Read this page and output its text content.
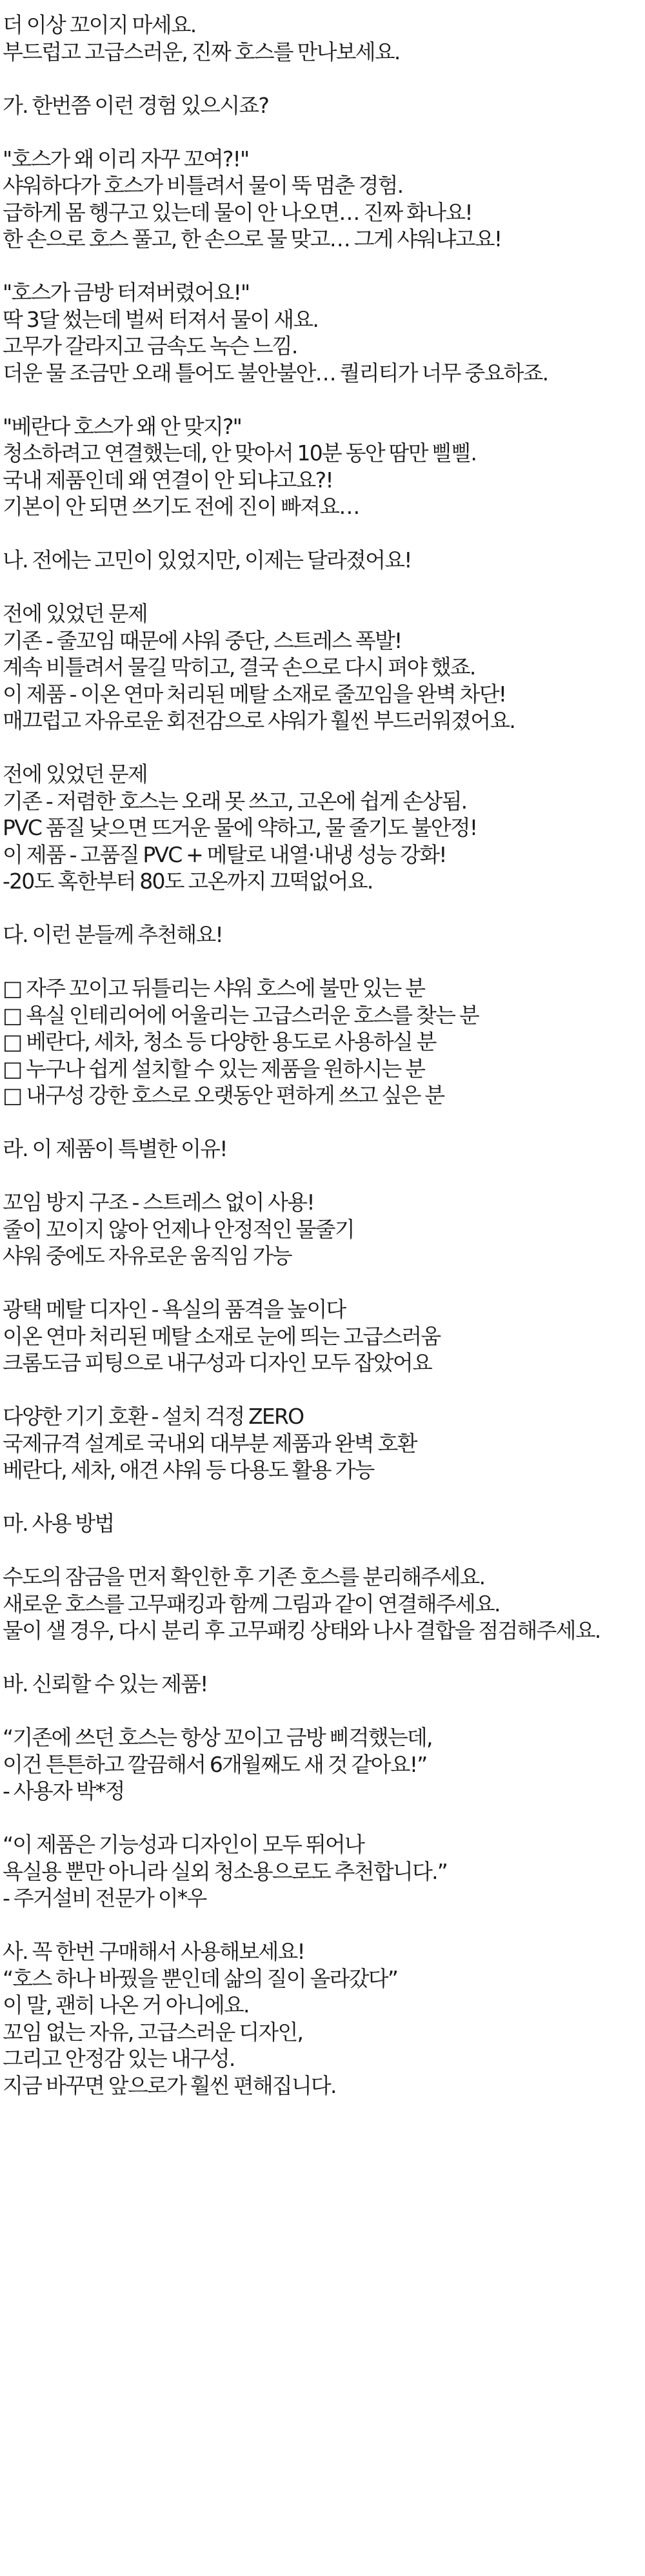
더 이상 꼬이지 마세요.
부드럽고 고급스러운, 진짜 호스를 만나보세요.
가. 한번쯤 이런 경험 있으시죠?
"호스가 왜 이리 자꾸 꼬여?!"
샤워하다가 호스가 비틀려서 물이 뚝 멈춘 경험.
급하게 몸 헹구고 있는데 물이 안 나오면… 진짜 화나요!
한 손으로 호스 풀고, 한 손으로 물 맞고… 그게 샤워냐고요!
"호스가 금방 터져버렸어요!"
딱 3달 썼는데 벌써 터져서 물이 새요.
고무가 갈라지고 금속도 녹슨 느낌.
더운 물 조금만 오래 틀어도 불안불안… 퀄리티가 너무 중요하죠.
"베란다 호스가 왜 안 맞지?"
청소하려고 연결했는데, 안 맞아서 10분 동안 땀만 삘삘.
국내 제품인데 왜 연결이 안 되냐고요?!
기본이 안 되면 쓰기도 전에 진이 빠져요…
나. 전에는 고민이 있었지만, 이제는 달라졌어요!
전에 있었던 문제
기존 - 줄꼬임 때문에 샤워 중단, 스트레스 폭발!
계속 비틀려서 물길 막히고, 결국 손으로 다시 펴야 했죠.
이 제품 - 이온 연마 처리된 메탈 소재로 줄꼬임을 완벽 차단!
매끄럽고 자유로운 회전감으로 샤워가 훨씬 부드러워졌어요.
전에 있었던 문제
기존 - 저렴한 호스는 오래 못 쓰고, 고온에 쉽게 손상됨.
PVC 품질 낮으면 뜨거운 물에 약하고, 물 줄기도 불안정!
이 제품 - 고품질 PVC + 메탈로 내열·내냉 성능 강화!
-20도 혹한부터 80도 고온까지 끄떡없어요.
다. 이런 분들께 추천해요!
□ 자주 꼬이고 뒤틀리는 샤워 호스에 불만 있는 분
□ 욕실 인테리어에 어울리는 고급스러운 호스를 찾는 분
□ 베란다, 세차, 청소 등 다양한 용도로 사용하실 분
□ 누구나 쉽게 설치할 수 있는 제품을 원하시는 분
□ 내구성 강한 호스로 오랫동안 편하게 쓰고 싶은 분
라. 이 제품이 특별한 이유!
꼬임 방지 구조 - 스트레스 없이 사용!
줄이 꼬이지 않아 언제나 안정적인 물줄기
샤워 중에도 자유로운 움직임 가능
광택 메탈 디자인 - 욕실의 품격을 높이다
이온 연마 처리된 메탈 소재로 눈에 띄는 고급스러움
크롬도금 피팅으로 내구성과 디자인 모두 잡았어요
다양한 기기 호환 - 설치 걱정 ZERO
국제규격 설계로 국내외 대부분 제품과 완벽 호환
베란다, 세차, 애견 샤워 등 다용도 활용 가능
마. 사용 방법
수도의 잠금을 먼저 확인한 후 기존 호스를 분리해주세요.
새로운 호스를 고무패킹과 함께 그림과 같이 연결해주세요.
물이 샐 경우, 다시 분리 후 고무패킹 상태와 나사 결합을 점검해주세요.
바. 신뢰할 수 있는 제품!
“기존에 쓰던 호스는 항상 꼬이고 금방 삐걱했는데,
이건 튼튼하고 깔끔해서 6개월째도 새 것 같아요!”
- 사용자 박*정
“이 제품은 기능성과 디자인이 모두 뛰어나
욕실용 뿐만 아니라 실외 청소용으로도 추천합니다.”
- 주거설비 전문가 이*우
사. 꼭 한번 구매해서 사용해보세요!
“호스 하나 바꿨을 뿐인데 삶의 질이 올라갔다”
이 말, 괜히 나온 거 아니에요.
꼬임 없는 자유, 고급스러운 디자인,
그리고 안정감 있는 내구성.
지금 바꾸면 앞으로가 훨씬 편해집니다.
